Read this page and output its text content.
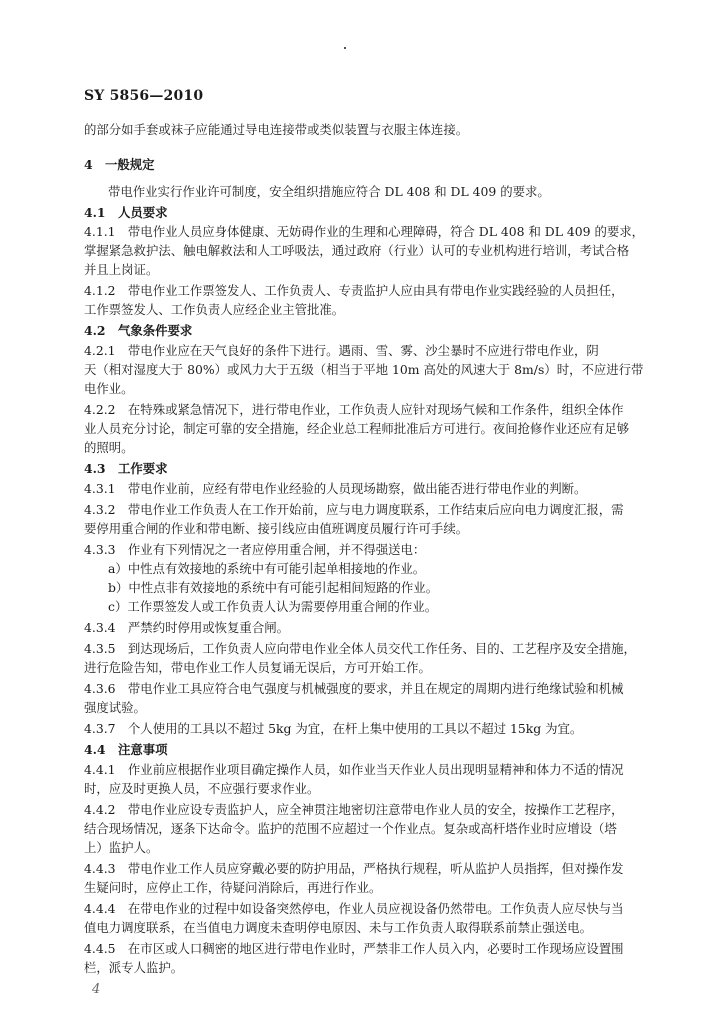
SY 5856—2010
的部分如手套或袜子应能通过导电连接带或类似装置与衣服主体连接。
4　一般规定
带电作业实行作业许可制度，安全组织措施应符合 DL 408 和 DL 409 的要求。
4.1　人员要求
4.1.1　带电作业人员应身体健康、无妨碍作业的生理和心理障碍，符合 DL 408 和 DL 409 的要求，
掌握紧急救护法、触电解救法和人工呼吸法，通过政府（行业）认可的专业机构进行培训，考试合格
并且上岗证。
4.1.2　带电作业工作票签发人、工作负责人、专责监护人应由具有带电作业实践经验的人员担任，
工作票签发人、工作负责人应经企业主管批准。
4.2　气象条件要求
4.2.1　带电作业应在天气良好的条件下进行。遇雨、雪、雾、沙尘暴时不应进行带电作业，阴
天（相对湿度大于 80%）或风力大于五级（相当于平地 10m 高处的风速大于 8m/s）时，不应进行带
电作业。
4.2.2　在特殊或紧急情况下，进行带电作业，工作负责人应针对现场气候和工作条件，组织全体作
业人员充分讨论，制定可靠的安全措施，经企业总工程师批准后方可进行。夜间抢修作业还应有足够
的照明。
4.3　工作要求
4.3.1　带电作业前，应经有带电作业经验的人员现场勘察，做出能否进行带电作业的判断。
4.3.2　带电作业工作负责人在工作开始前，应与电力调度联系，工作结束后应向电力调度汇报，需
要停用重合闸的作业和带电断、接引线应由值班调度员履行许可手续。
4.3.3　作业有下列情况之一者应停用重合闸，并不得强送电：
a）中性点有效接地的系统中有可能引起单相接地的作业。
b）中性点非有效接地的系统中有可能引起相间短路的作业。
c）工作票签发人或工作负责人认为需要停用重合闸的作业。
4.3.4　严禁约时停用或恢复重合闸。
4.3.5　到达现场后，工作负责人应向带电作业全体人员交代工作任务、目的、工艺程序及安全措施，
进行危险告知，带电作业工作人员复诵无误后，方可开始工作。
4.3.6　带电作业工具应符合电气强度与机械强度的要求，并且在规定的周期内进行绝缘试验和机械
强度试验。
4.3.7　个人使用的工具以不超过 5kg 为宜，在杆上集中使用的工具以不超过 15kg 为宜。
4.4　注意事项
4.4.1　作业前应根据作业项目确定操作人员，如作业当天作业人员出现明显精神和体力不适的情况
时，应及时更换人员，不应强行要求作业。
4.4.2　带电作业应设专责监护人，应全神贯注地密切注意带电作业人员的安全，按操作工艺程序，
结合现场情况，逐条下达命令。监护的范围不应超过一个作业点。复杂或高杆塔作业时应增设（塔
上）监护人。
4.4.3　带电作业工作人员应穿戴必要的防护用品，严格执行规程，听从监护人员指挥，但对操作发
生疑问时，应停止工作，待疑问消除后，再进行作业。
4.4.4　在带电作业的过程中如设备突然停电，作业人员应视设备仍然带电。工作负责人应尽快与当
值电力调度联系，在当值电力调度未查明停电原因、未与工作负责人取得联系前禁止强送电。
4.4.5　在市区或人口稠密的地区进行带电作业时，严禁非工作人员入内，必要时工作现场应设置围
栏，派专人监护。
4
